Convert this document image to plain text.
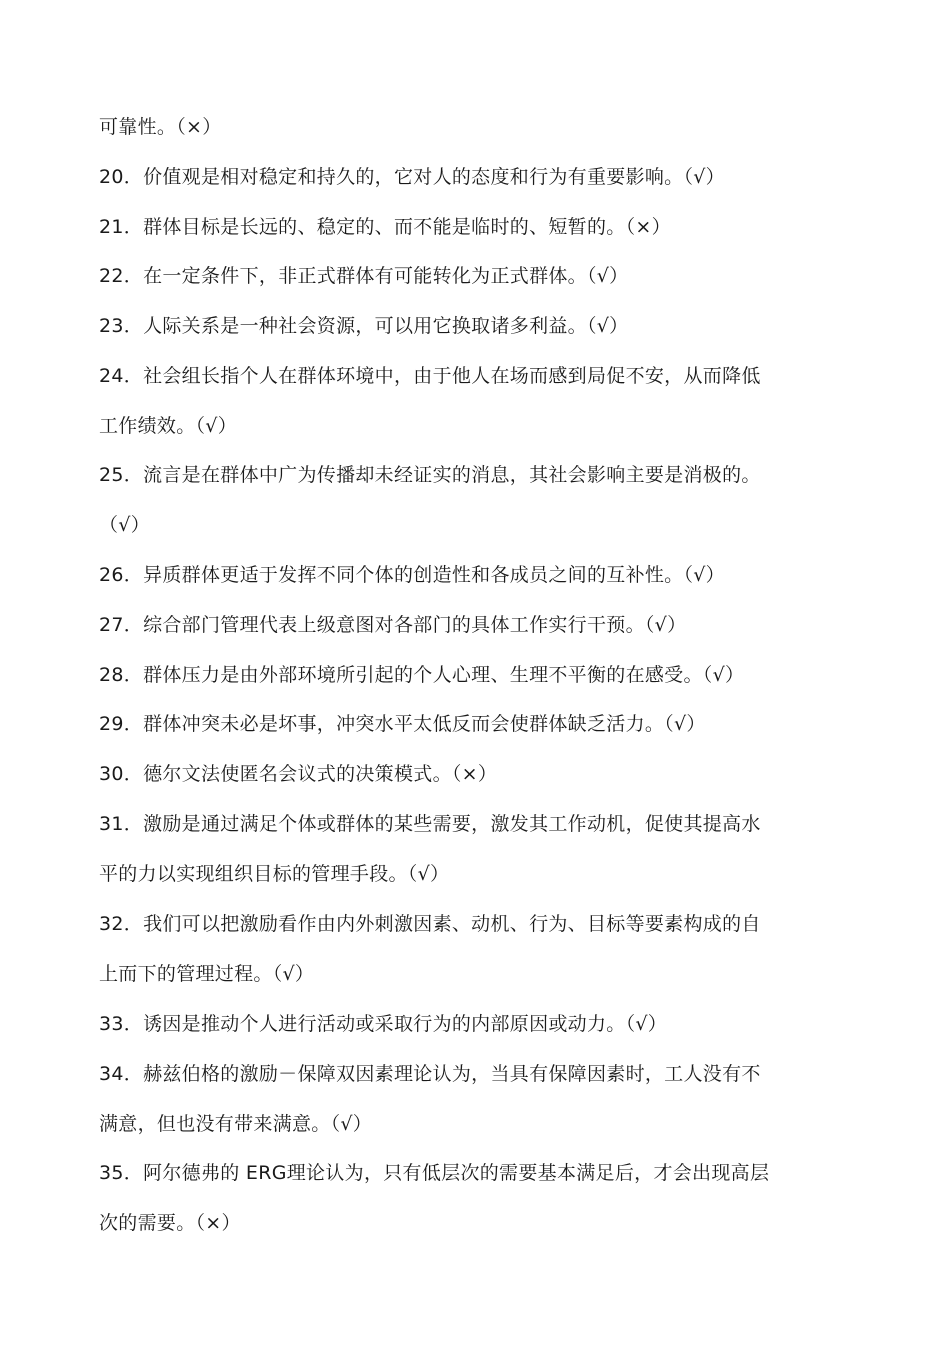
可靠性。（×）
20．价值观是相对稳定和持久的，它对人的态度和行为有重要影响。（√）
21．群体目标是长远的、稳定的、而不能是临时的、短暂的。（×）
22．在一定条件下，非正式群体有可能转化为正式群体。（√）
23．人际关系是一种社会资源，可以用它换取诸多利益。（√）
24．社会组长指个人在群体环境中，由于他人在场而感到局促不安，从而降低
工作绩效。（√）
25．流言是在群体中广为传播却未经证实的消息，其社会影响主要是消极的。
（√）
26．异质群体更适于发挥不同个体的创造性和各成员之间的互补性。（√）
27．综合部门管理代表上级意图对各部门的具体工作实行干预。（√）
28．群体压力是由外部环境所引起的个人心理、生理不平衡的在感受。（√）
29．群体冲突未必是坏事，冲突水平太低反而会使群体缺乏活力。（√）
30．德尔文法使匿名会议式的决策模式。（×）
31．激励是通过满足个体或群体的某些需要，激发其工作动机，促使其提高水
平的力以实现组织目标的管理手段。（√）
32．我们可以把激励看作由内外刺激因素、动机、行为、目标等要素构成的自
上而下的管理过程。（√）
33．诱因是推动个人进行活动或采取行为的内部原因或动力。（√）
34．赫兹伯格的激励－保障双因素理论认为，当具有保障因素时，工人没有不
满意，但也没有带来满意。（√）
35．阿尔德弗的 ERG理论认为，只有低层次的需要基本满足后，才会出现高层
次的需要。（×）
